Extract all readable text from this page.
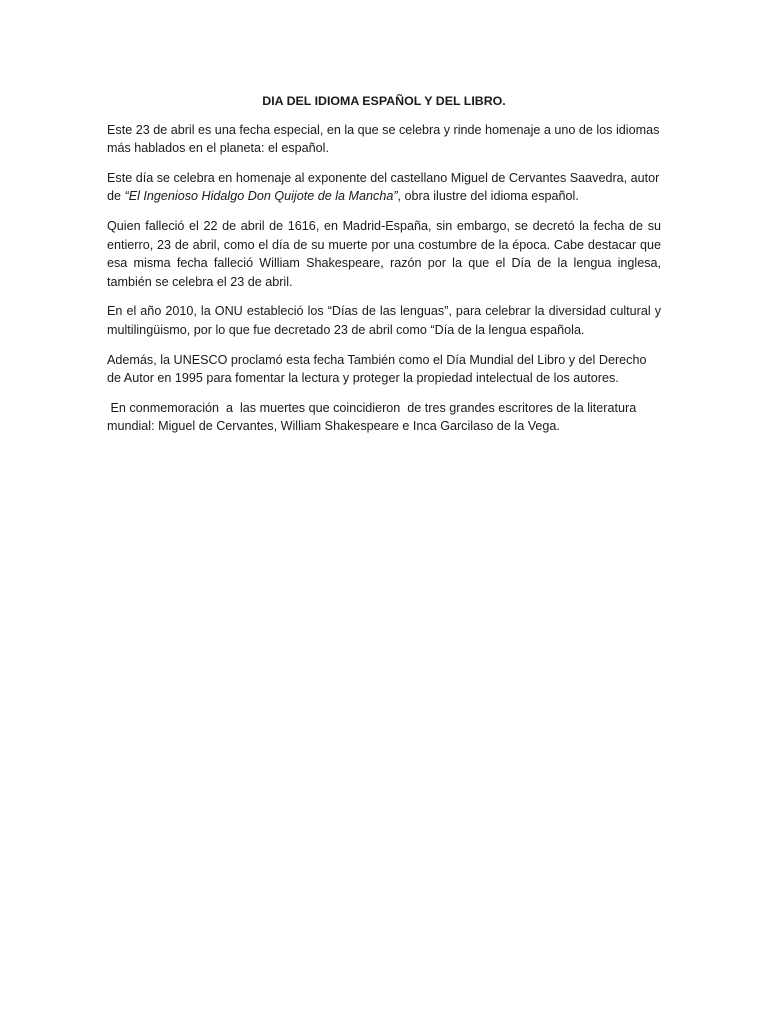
DIA DEL IDIOMA ESPAÑOL Y DEL LIBRO.

Este 23 de abril es una fecha especial, en la que se celebra y rinde homenaje a uno de los idiomas más hablados en el planeta: el español.

Este día se celebra en homenaje al exponente del castellano Miguel de Cervantes Saavedra, autor de “El Ingenioso Hidalgo Don Quijote de la Mancha”, obra ilustre del idioma español.

Quien falleció el 22 de abril de 1616, en Madrid-España, sin embargo, se decretó la fecha de su entierro, 23 de abril, como el día de su muerte por una costumbre de la época. Cabe destacar que esa misma fecha falleció William Shakespeare, razón por la que el Día de la lengua inglesa, también se celebra el 23 de abril.

En el año 2010, la ONU estableció los “Días de las lenguas”, para celebrar la diversidad cultural y multilingüismo, por lo que fue decretado 23 de abril como “Día de la lengua española.

Además, la UNESCO proclamó esta fecha También como el Día Mundial del Libro y del Derecho de Autor en 1995 para fomentar la lectura y proteger la propiedad intelectual de los autores.

En conmemoración  a  las muertes que coincidieron  de tres grandes escritores de la literatura mundial: Miguel de Cervantes, William Shakespeare e Inca Garcilaso de la Vega.
